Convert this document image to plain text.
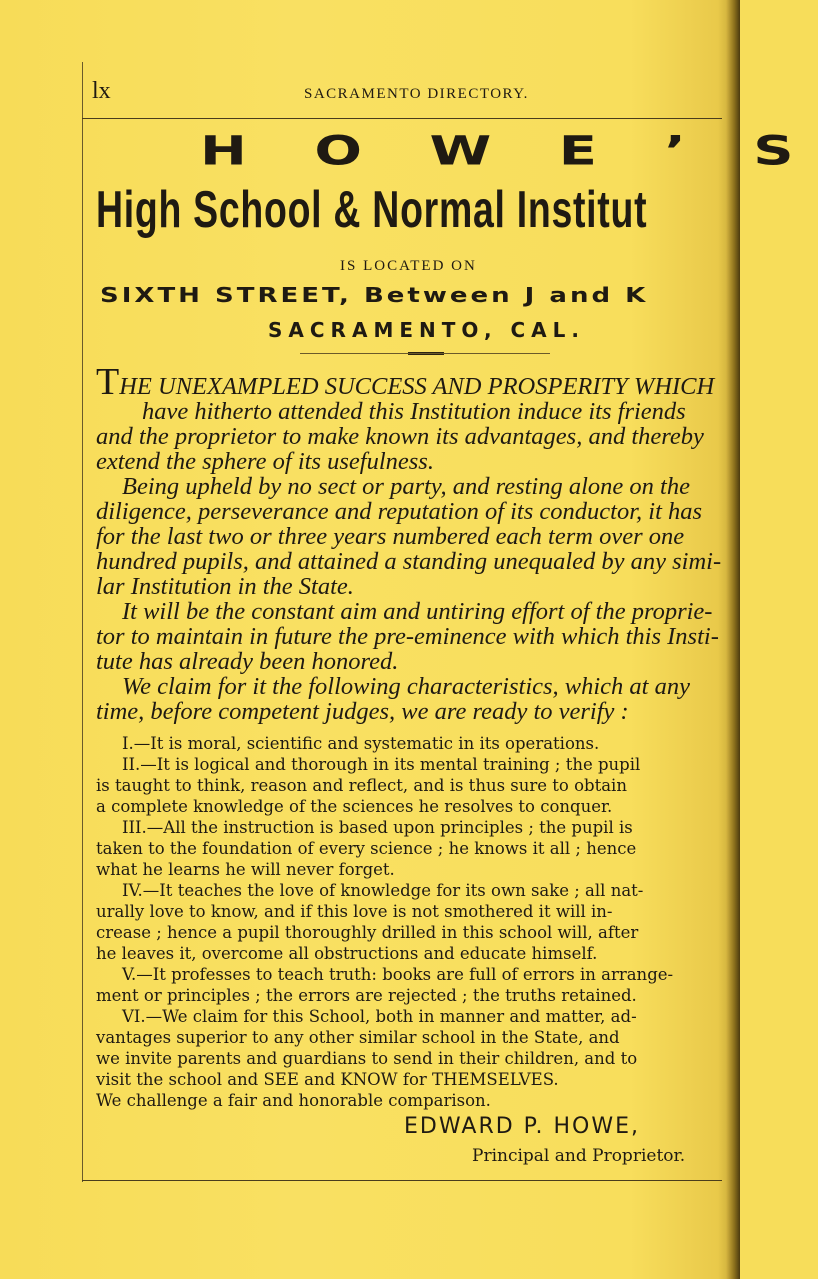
lx	SACRAMENTO DIRECTORY.
H O W E ’ S
High School & Normal Institut
IS LOCATED ON
SIXTH STREET, Between J and K
SACRAMENTO, CAL.

THE UNEXAMPLED SUCCESS AND PROSPERITY WHICH

have hitherto attended this Institution induce its friends

and the proprietor to make known its advantages, and thereby

extend the sphere of its usefulness.

Being upheld by no sect or party, and resting alone on the

diligence, perseverance and reputation of its conductor, it has

for the last two or three years numbered each term over one

hundred pupils, and attained a standing unequaled by any simi-

lar Institution in the State.

It will be the constant aim and untiring effort of the proprie-

tor to maintain in future the pre-eminence with which this Insti-

tute has already been honored.

We claim for it the following characteristics, which at any

time, before competent judges, we are ready to verify :

I.—It is moral, scientific and systematic in its operations.

II.—It is logical and thorough in its mental training ; the pupil

is taught to think, reason and reflect, and is thus sure to obtain

a complete knowledge of the sciences he resolves to conquer.

III.—All the instruction is based upon principles ; the pupil is

taken to the foundation of every science ; he knows it all ; hence

what he learns he will never forget.

IV.—It teaches the love of knowledge for its own sake ; all nat-

urally love to know, and if this love is not smothered it will in-

crease ; hence a pupil thoroughly drilled in this school will, after

he leaves it, overcome all obstructions and educate himself.

V.—It professes to teach truth: books are full of errors in arrange-

ment or principles ; the errors are rejected ; the truths retained.

VI.—We claim for this School, both in manner and matter, ad-

vantages superior to any other similar school in the State, and

we invite parents and guardians to send in their children, and to

visit the school and SEE and KNOW for THEMSELVES.

We challenge a fair and honorable comparison.

EDWARD P. HOWE,
Principal and Proprietor.
